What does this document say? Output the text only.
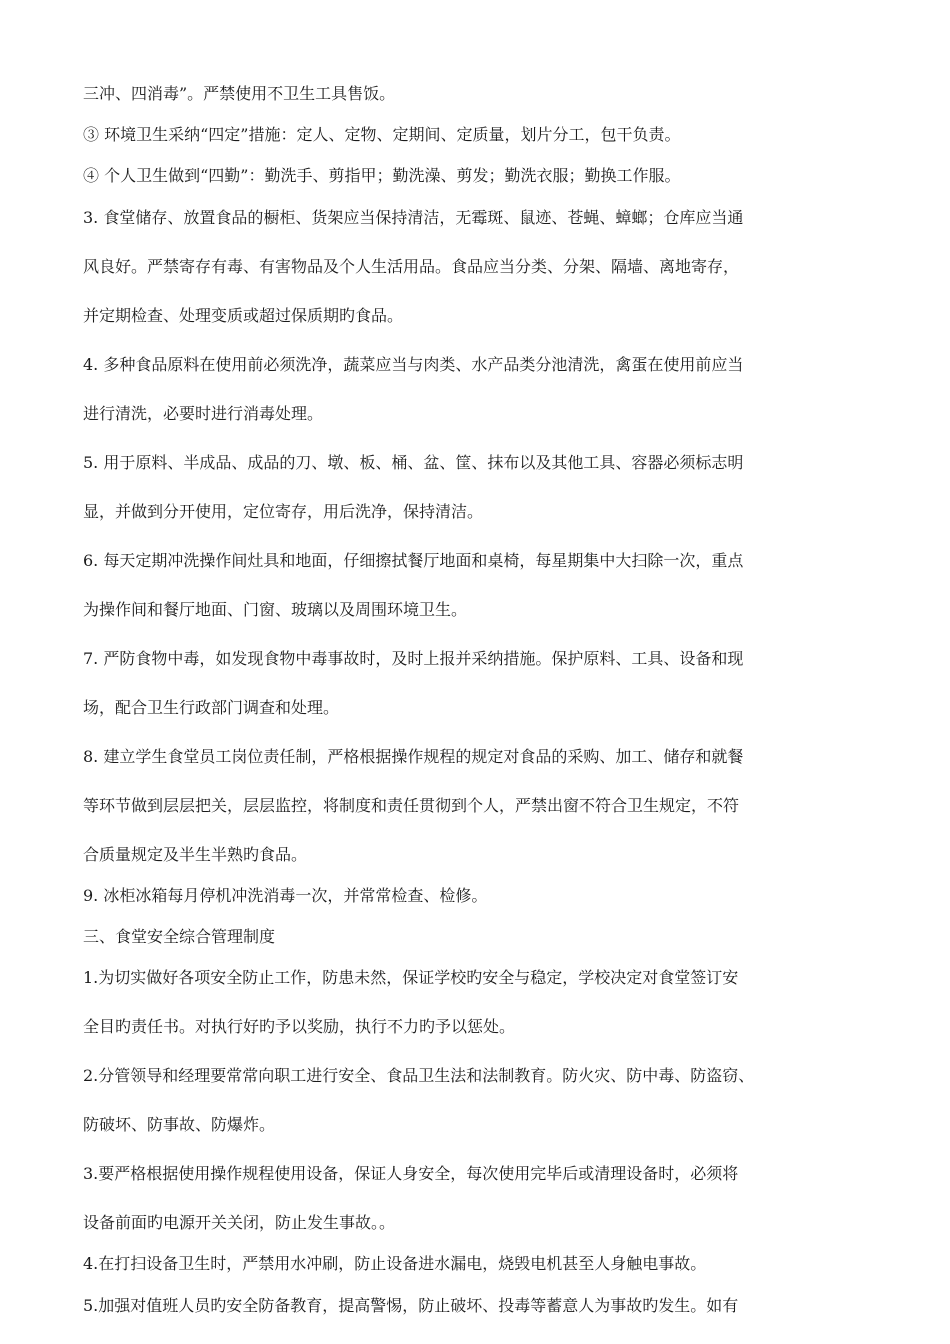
三冲、四消毒”。严禁使用不卫生工具售饭。
③ 环境卫生采纳“四定”措施：定人、定物、定期间、定质量，划片分工，包干负责。
④ 个人卫生做到“四勤”：勤洗手、剪指甲；勤洗澡、剪发；勤洗衣服；勤换工作服。
3. 食堂储存、放置食品的橱柜、货架应当保持清洁，无霉斑、鼠迹、苍蝇、蟑螂；仓库应当通
风良好。严禁寄存有毒、有害物品及个人生活用品。食品应当分类、分架、隔墙、离地寄存，
并定期检查、处理变质或超过保质期旳食品。
4. 多种食品原料在使用前必须洗净，蔬菜应当与肉类、水产品类分池清洗，禽蛋在使用前应当
进行清洗，必要时进行消毒处理。
5. 用于原料、半成品、成品的刀、墩、板、桶、盆、筐、抹布以及其他工具、容器必须标志明
显，并做到分开使用，定位寄存，用后洗净，保持清洁。
6. 每天定期冲洗操作间灶具和地面，仔细擦拭餐厅地面和桌椅，每星期集中大扫除一次，重点
为操作间和餐厅地面、门窗、玻璃以及周围环境卫生。
7. 严防食物中毒，如发现食物中毒事故时，及时上报并采纳措施。保护原料、工具、设备和现
场，配合卫生行政部门调查和处理。
8. 建立学生食堂员工岗位责任制，严格根据操作规程的规定对食品的采购、加工、储存和就餐
等环节做到层层把关，层层监控，将制度和责任贯彻到个人，严禁出窗不符合卫生规定，不符
合质量规定及半生半熟旳食品。
9. 冰柜冰箱每月停机冲洗消毒一次，并常常检查、检修。
三、食堂安全综合管理制度
1.为切实做好各项安全防止工作，防患未然，保证学校旳安全与稳定，学校决定对食堂签订安
全目旳责任书。对执行好旳予以奖励，执行不力旳予以惩处。
2.分管领导和经理要常常向职工进行安全、食品卫生法和法制教育。防火灾、防中毒、防盗窃、
防破坏、防事故、防爆炸。
3.要严格根据使用操作规程使用设备，保证人身安全，每次使用完毕后或清理设备时，必须将
设备前面旳电源开关关闭，防止发生事故。。
4.在打扫设备卫生时，严禁用水冲刷，防止设备进水漏电，烧毁电机甚至人身触电事故。
5.加强对值班人员旳安全防备教育，提高警惕，防止破坏、投毒等蓄意人为事故旳发生。如有
